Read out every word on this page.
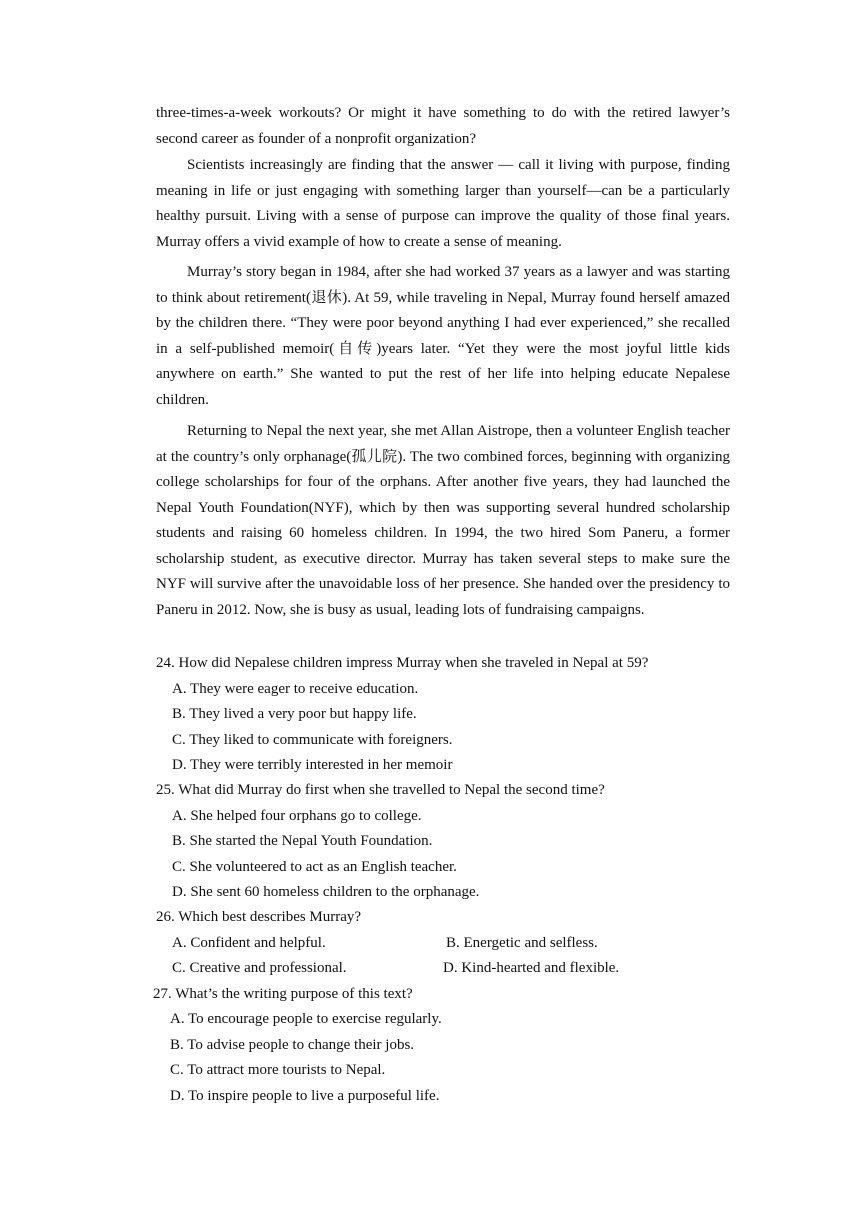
three-times-a-week workouts? Or might it have something to do with the retired lawyer’s second career as founder of a nonprofit organization?

Scientists increasingly are finding that the answer — call it living with purpose, finding meaning in life or just engaging with something larger than yourself—can be a particularly healthy pursuit. Living with a sense of purpose can improve the quality of those final years. Murray offers a vivid example of how to create a sense of meaning.

Murray’s story began in 1984, after she had worked 37 years as a lawyer and was starting to think about retirement(退休). At 59, while traveling in Nepal, Murray found herself amazed by the children there. “They were poor beyond anything I had ever experienced,” she recalled in a self-published memoir(自传)years later. “Yet they were the most joyful little kids anywhere on earth.” She wanted to put the rest of her life into helping educate Nepalese children.

Returning to Nepal the next year, she met Allan Aistrope, then a volunteer English teacher at the country’s only orphanage(孤儿院). The two combined forces, beginning with organizing college scholarships for four of the orphans. After another five years, they had launched the Nepal Youth Foundation(NYF), which by then was supporting several hundred scholarship students and raising 60 homeless children. In 1994, the two hired Som Paneru, a former scholarship student, as executive director. Murray has taken several steps to make sure the NYF will survive after the unavoidable loss of her presence. She handed over the presidency to Paneru in 2012. Now, she is busy as usual, leading lots of fundraising campaigns.

24. How did Nepalese children impress Murray when she traveled in Nepal at 59?

A. They were eager to receive education.

B. They lived a very poor but happy life.

C. They liked to communicate with foreigners.

D. They were terribly interested in her memoir

25. What did Murray do first when she travelled to Nepal the second time?

A. She helped four orphans go to college.

B. She started the Nepal Youth Foundation.

C. She volunteered to act as an English teacher.

D. She sent 60 homeless children to the orphanage.

26. Which best describes Murray?

A. Confident and helpful.	B. Energetic and selfless.

C. Creative and professional.	D. Kind-hearted and flexible.

27. What’s the writing purpose of this text?

A. To encourage people to exercise regularly.

B. To advise people to change their jobs.

C. To attract more tourists to Nepal.

D. To inspire people to live a purposeful life.
